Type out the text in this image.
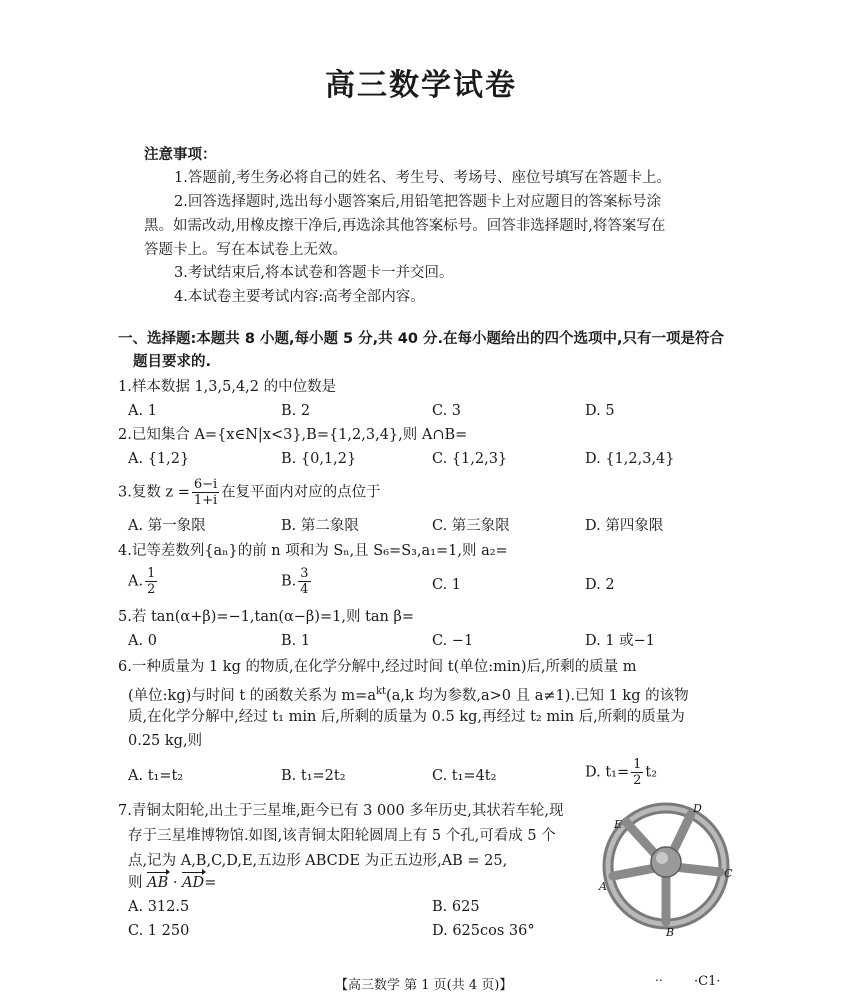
高三数学试卷
注意事项：
1.答题前,考生务必将自己的姓名、考生号、考场号、座位号填写在答题卡上。
2.回答选择题时,选出每小题答案后,用铅笔把答题卡上对应题目的答案标号涂
黑。如需改动,用橡皮擦干净后,再选涂其他答案标号。回答非选择题时,将答案写在
答题卡上。写在本试卷上无效。
3.考试结束后,将本试卷和答题卡一并交回。
4.本试卷主要考试内容:高考全部内容。
一、选择题:本题共 8 小题,每小题 5 分,共 40 分.在每小题给出的四个选项中,只有一项是符合
题目要求的.
1.样本数据 1,3,5,4,2 的中位数是
A. 1	B. 2	C. 3	D. 5
2.已知集合 A={x∈N|x<3},B={1,2,3,4},则 A∩B=
A. {1,2}	B. {0,1,2}	C. {1,2,3}	D. {1,2,3,4}
3.复数 $z = \frac{6-i}{1+i}$ 在复平面内对应的点位于
A. 第一象限	B. 第二象限	C. 第三象限	D. 第四象限
4.记等差数列{aₙ}的前 n 项和为 Sₙ,且 S₆=S₃,a₁=1,则 a₂=
A. $\frac{1}{2}$	B. $\frac{3}{4}$	C. 1	D. 2
5.若 tan(α+β)=−1,tan(α−β)=1,则 tan β=
A. 0	B. 1	C. −1	D. 1 或−1
6.一种质量为 1 kg 的物质,在化学分解中,经过时间 t(单位:min)后,所剩的质量 m
(单位:kg)与时间 t 的函数关系为 $m=a^{kt}(a,k$ 均为参数,a>0 且 a≠1).已知 1 kg 的该物
质,在化学分解中,经过 t₁ min 后,所剩的质量为 0.5 kg,再经过 t₂ min 后,所剩的质量为
0.25 kg,则
A. t₁=t₂	B. t₁=2t₂	C. t₁=4t₂	D. $t_1= \frac{1}{2} t_2$
7.青铜太阳轮,出土于三星堆,距今已有 3 000 多年历史,其状若车轮,现
存于三星堆博物馆.如图,该青铜太阳轮圆周上有 5 个孔,可看成 5 个
点,记为 A,B,C,D,E,五边形 ABCDE 为正五边形,AB = 25,
则 AB · AD=
A. 312.5	B. 625
C. 1 250	D. 625cos 36°
E
D
C
B
A
【高三数学 第 1 页(共 4 页)】
.. ·C1·
